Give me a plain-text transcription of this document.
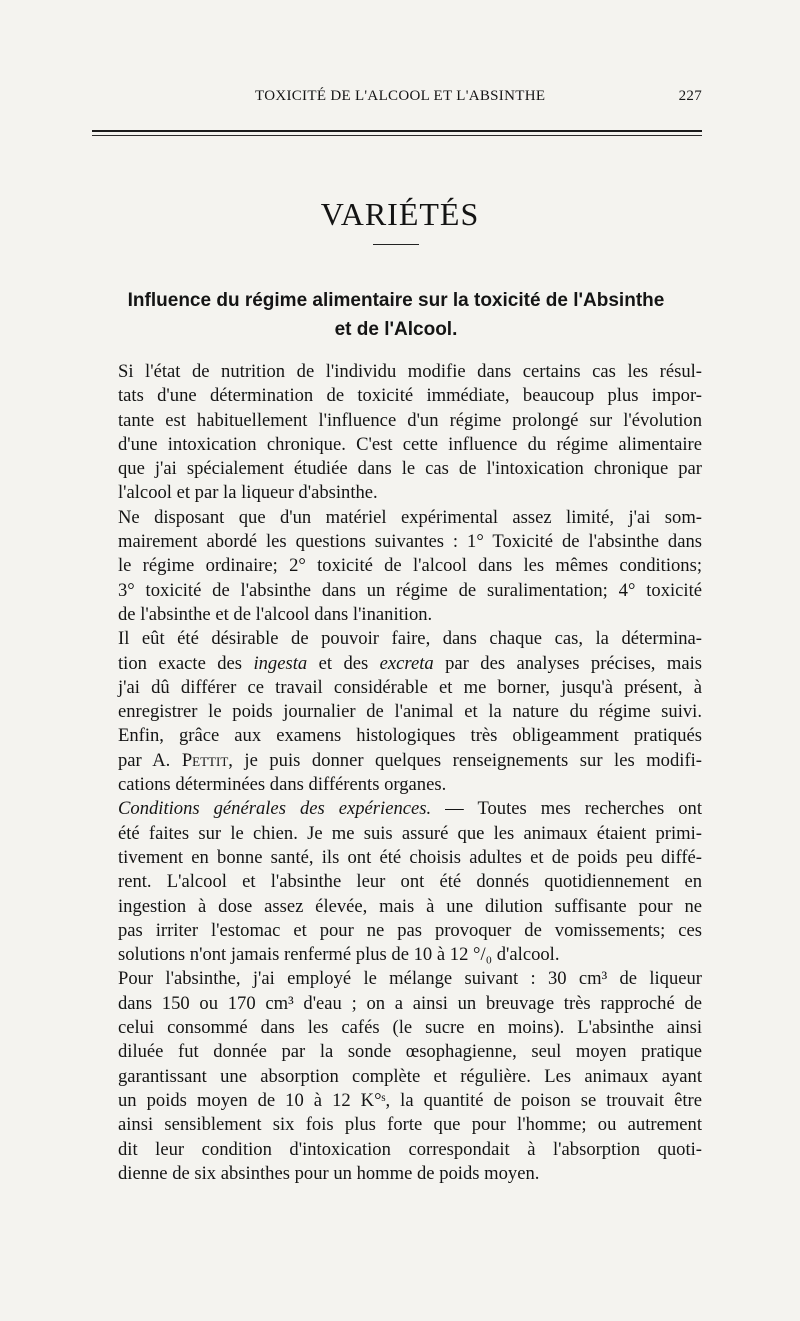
TOXICITÉ DE L'ALCOOL ET L'ABSINTHE	227
VARIÉTÉS
Influence du régime alimentaire sur la toxicité de l'Absinthe
et de l'Alcool.

Si l'état de nutrition de l'individu modifie dans certains cas les résul-
tats d'une détermination de toxicité immédiate, beaucoup plus impor-
tante est habituellement l'influence d'un régime prolongé sur l'évolution
d'une intoxication chronique. C'est cette influence du régime alimentaire
que j'ai spécialement étudiée dans le cas de l'intoxication chronique par
l'alcool et par la liqueur d'absinthe.

Ne disposant que d'un matériel expérimental assez limité, j'ai som-
mairement abordé les questions suivantes : 1° Toxicité de l'absinthe dans
le régime ordinaire; 2° toxicité de l'alcool dans les mêmes conditions;
3° toxicité de l'absinthe dans un régime de suralimentation; 4° toxicité
de l'absinthe et de l'alcool dans l'inanition.

Il eût été désirable de pouvoir faire, dans chaque cas, la détermina-
tion exacte des ingesta et des excreta par des analyses précises, mais
j'ai dû différer ce travail considérable et me borner, jusqu'à présent, à
enregistrer le poids journalier de l'animal et la nature du régime suivi.
Enfin, grâce aux examens histologiques très obligeamment pratiqués
par A. Pettit, je puis donner quelques renseignements sur les modifi-
cations déterminées dans différents organes.

Conditions générales des expériences. — Toutes mes recherches ont
été faites sur le chien. Je me suis assuré que les animaux étaient primi-
tivement en bonne santé, ils ont été choisis adultes et de poids peu diffé-
rent. L'alcool et l'absinthe leur ont été donnés quotidiennement en
ingestion à dose assez élevée, mais à une dilution suffisante pour ne
pas irriter l'estomac et pour ne pas provoquer de vomissements; ces
solutions n'ont jamais renfermé plus de 10 à 12 °/₀ d'alcool.

Pour l'absinthe, j'ai employé le mélange suivant : 30 cm³ de liqueur
dans 150 ou 170 cm³ d'eau ; on a ainsi un breuvage très rapproché de
celui consommé dans les cafés (le sucre en moins). L'absinthe ainsi
diluée fut donnée par la sonde œsophagienne, seul moyen pratique
garantissant une absorption complète et régulière. Les animaux ayant
un poids moyen de 10 à 12 K°ˢ, la quantité de poison se trouvait être
ainsi sensiblement six fois plus forte que pour l'homme; ou autrement
dit leur condition d'intoxication correspondait à l'absorption quoti-
dienne de six absinthes pour un homme de poids moyen.
